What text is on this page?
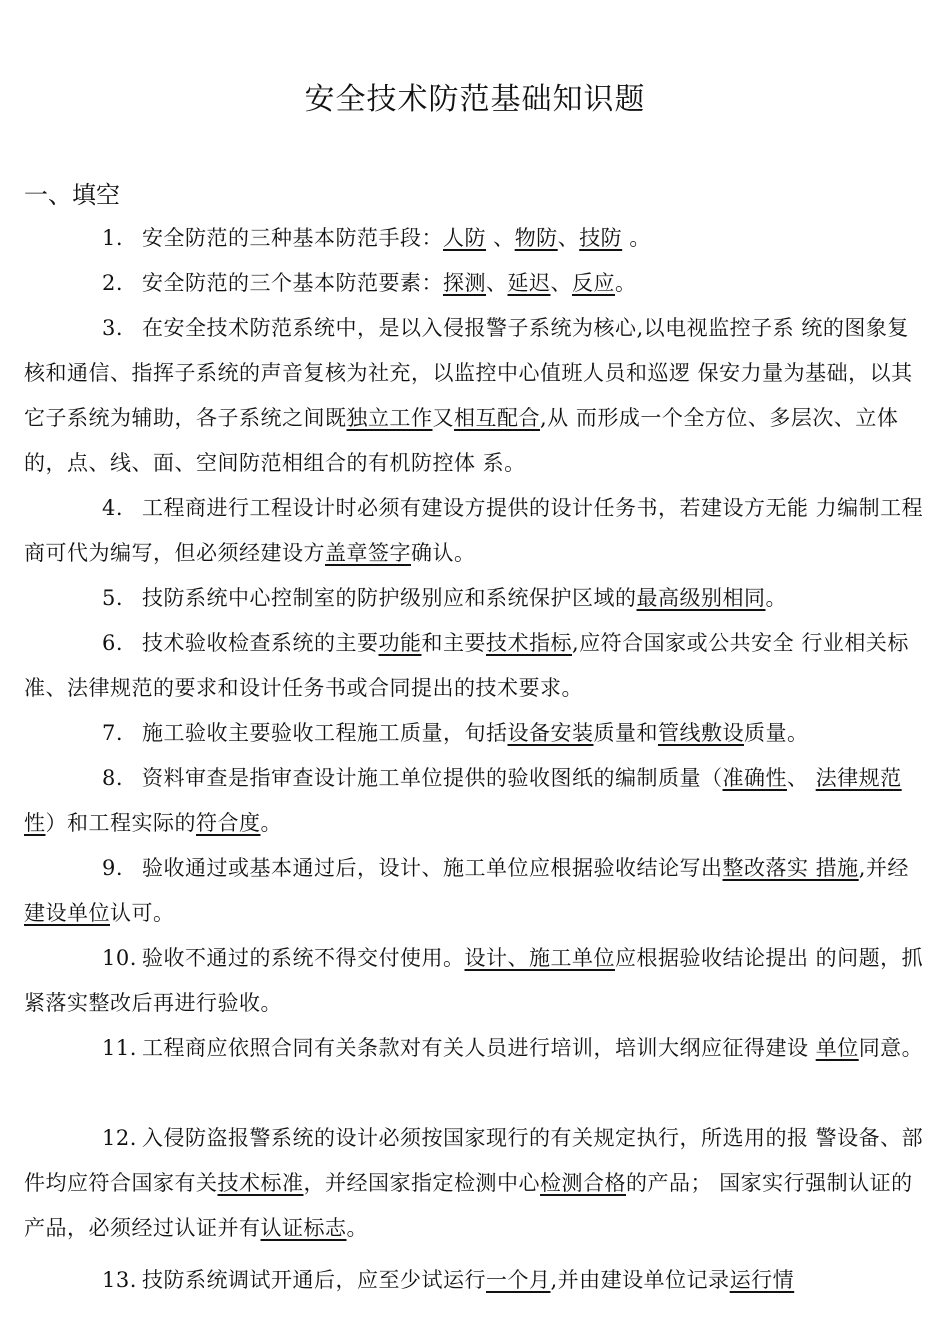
安全技术防范基础知识题
一、填空
1. 安全防范的三种基本防范手段：人防 、物防、技防 。
2. 安全防范的三个基本防范要素：探测、延迟、反应。
3. 在安全技术防范系统中，是以入侵报警子系统为核心,以电视监控子系 统的图象复核和通信、指挥子系统的声音复核为社充，以监控中心值班人员和巡逻 保安力量为基础，以其它子系统为辅助，各子系统之间既独立工作又相互配合,从 而形成一个全方位、多层次、立体的，点、线、面、空间防范相组合的有机防控体 系。
4. 工程商进行工程设计时必须有建设方提供的设计任务书，若建设方无能 力编制工程商可代为编写，但必须经建设方盖章签字确认。
5. 技防系统中心控制室的防护级别应和系统保护区域的最高级别相同。
6. 技术验收检查系统的主要功能和主要技术指标,应符合国家或公共安全 行业相关标准、法律规范的要求和设计任务书或合同提出的技术要求。
7. 施工验收主要验收工程施工质量，旬括设备安装质量和管线敷设质量。
8. 资料审查是指审查设计施工单位提供的验收图纸的编制质量（准确性、 法律规范性）和工程实际的符合度。
9. 验收通过或基本通过后，设计、施工单位应根据验收结论写出整改落实 措施,并经建设单位认可。
10. 验收不通过的系统不得交付使用。设计、施工单位应根据验收结论提出 的问题，抓紧落实整改后再进行验收。
11. 工程商应依照合同有关条款对有关人员进行培训，培训大纲应征得建设 单位同意。
12. 入侵防盗报警系统的设计必须按国家现行的有关规定执行，所选用的报 警设备、部件均应符合国家有关技术标准，并经国家指定检测中心检测合格的产品； 国家实行强制认证的产品，必须经过认证并有认证标志。
13. 技防系统调试开通后，应至少试运行一个月,并由建设单位记录运行情
